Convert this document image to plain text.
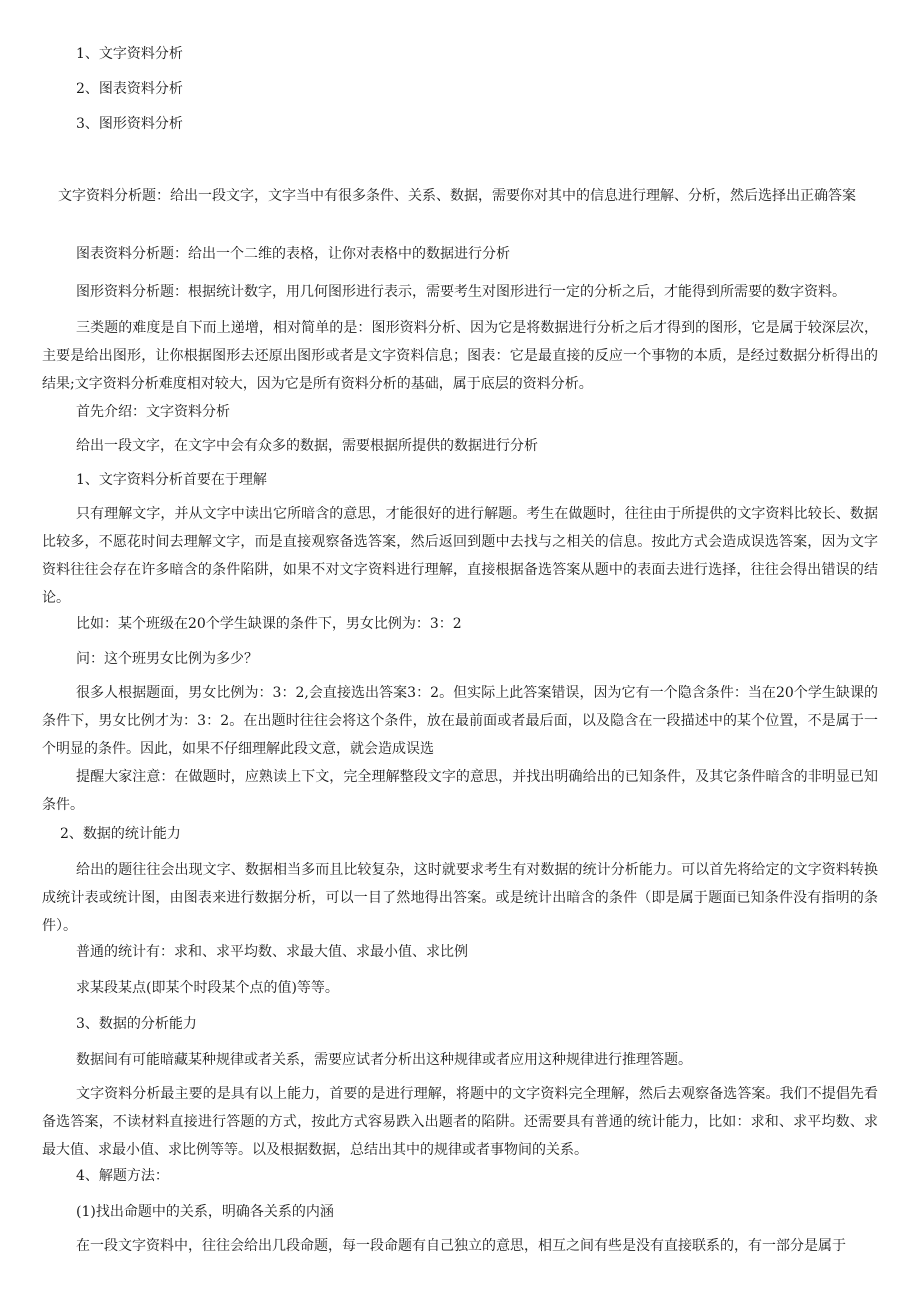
1、文字资料分析

2、图表资料分析

3、图形资料分析

文字资料分析题：给出一段文字，文字当中有很多条件、关系、数据，需要你对其中的信息进行理解、分析，然后选择出正确答案

图表资料分析题：给出一个二维的表格，让你对表格中的数据进行分析

图形资料分析题：根据统计数字，用几何图形进行表示，需要考生对图形进行一定的分析之后，才能得到所需要的数字资料。

三类题的难度是自下而上递增，相对简单的是：图形资料分析、因为它是将数据进行分析之后才得到的图形，它是属于较深层次，主要是给出图形，让你根据图形去还原出图形或者是文字资料信息；图表：它是最直接的反应一个事物的本质，是经过数据分析得出的结果;文字资料分析难度相对较大，因为它是所有资料分析的基础，属于底层的资料分析。

首先介绍：文字资料分析

给出一段文字，在文字中会有众多的数据，需要根据所提供的数据进行分析

1、文字资料分析首要在于理解

只有理解文字，并从文字中读出它所暗含的意思，才能很好的进行解题。考生在做题时，往往由于所提供的文字资料比较长、数据比较多，不愿花时间去理解文字，而是直接观察备选答案，然后返回到题中去找与之相关的信息。按此方式会造成误选答案，因为文字资料往往会存在许多暗含的条件陷阱，如果不对文字资料进行理解，直接根据备选答案从题中的表面去进行选择，往往会得出错误的结论。

比如：某个班级在20个学生缺课的条件下，男女比例为：3：2

问：这个班男女比例为多少？

很多人根据题面，男女比例为：3：2,会直接选出答案3：2。但实际上此答案错误，因为它有一个隐含条件：当在20个学生缺课的条件下，男女比例才为：3：2。在出题时往往会将这个条件，放在最前面或者最后面，以及隐含在一段描述中的某个位置，不是属于一个明显的条件。因此，如果不仔细理解此段文意，就会造成误选

提醒大家注意：在做题时，应熟读上下文，完全理解整段文字的意思，并找出明确给出的已知条件，及其它条件暗含的非明显已知条件。

2、数据的统计能力

给出的题往往会出现文字、数据相当多而且比较复杂，这时就要求考生有对数据的统计分析能力。可以首先将给定的文字资料转换成统计表或统计图，由图表来进行数据分析，可以一目了然地得出答案。或是统计出暗含的条件（即是属于题面已知条件没有指明的条件）。

普通的统计有：求和、求平均数、求最大值、求最小值、求比例

求某段某点(即某个时段某个点的值)等等。

3、数据的分析能力

数据间有可能暗藏某种规律或者关系，需要应试者分析出这种规律或者应用这种规律进行推理答题。

文字资料分析最主要的是具有以上能力，首要的是进行理解，将题中的文字资料完全理解，然后去观察备选答案。我们不提倡先看备选答案，不读材料直接进行答题的方式，按此方式容易跌入出题者的陷阱。还需要具有普通的统计能力，比如：求和、求平均数、求最大值、求最小值、求比例等等。以及根据数据，总结出其中的规律或者事物间的关系。

4、解题方法：

(1)找出命题中的关系，明确各关系的内涵

在一段文字资料中，往往会给出几段命题，每一段命题有自己独立的意思，相互之间有些是没有直接联系的，有一部分是属于
